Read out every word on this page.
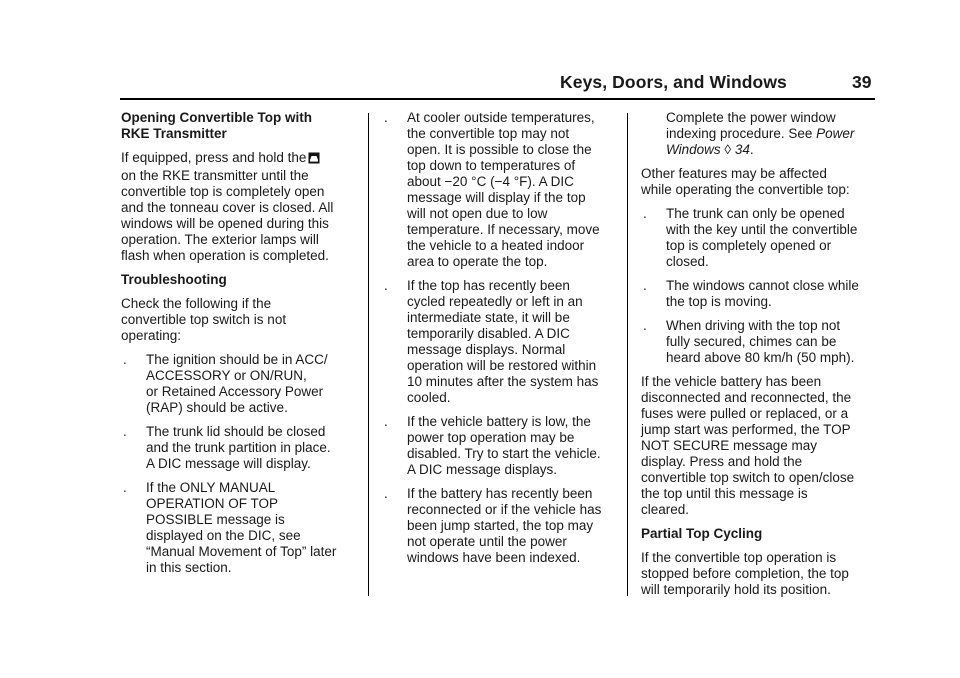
Keys, Doors, and Windows	39

Opening Convertible Top with
RKE Transmitter

If equipped, press and hold the
on the RKE transmitter until the
convertible top is completely open
and the tonneau cover is closed. All
windows will be opened during this
operation. The exterior lamps will
flash when operation is completed.

Troubleshooting

Check the following if the
convertible top switch is not
operating:

. The ignition should be in ACC/
ACCESSORY or ON/RUN,
or Retained Accessory Power
(RAP) should be active.
. The trunk lid should be closed
and the trunk partition in place.
A DIC message will display.
. If the ONLY MANUAL
OPERATION OF TOP
POSSIBLE message is
displayed on the DIC, see
“Manual Movement of Top” later
in this section.
. At cooler outside temperatures,
the convertible top may not
open. It is possible to close the
top down to temperatures of
about −20 °C (−4 °F). A DIC
message will display if the top
will not open due to low
temperature. If necessary, move
the vehicle to a heated indoor
area to operate the top.
. If the top has recently been
cycled repeatedly or left in an
intermediate state, it will be
temporarily disabled. A DIC
message displays. Normal
operation will be restored within
10 minutes after the system has
cooled.
. If the vehicle battery is low, the
power top operation may be
disabled. Try to start the vehicle.
A DIC message displays.
. If the battery has recently been
reconnected or if the vehicle has
been jump started, the top may
not operate until the power
windows have been indexed.
Complete the power window
indexing procedure. See Power
Windows ◊ 34.

Other features may be affected
while operating the convertible top:

. The trunk can only be opened
with the key until the convertible
top is completely opened or
closed.
. The windows cannot close while
the top is moving.
. When driving with the top not
fully secured, chimes can be
heard above 80 km/h (50 mph).

If the vehicle battery has been
disconnected and reconnected, the
fuses were pulled or replaced, or a
jump start was performed, the TOP
NOT SECURE message may
display. Press and hold the
convertible top switch to open/close
the top until this message is
cleared.

Partial Top Cycling

If the convertible top operation is
stopped before completion, the top
will temporarily hold its position.
